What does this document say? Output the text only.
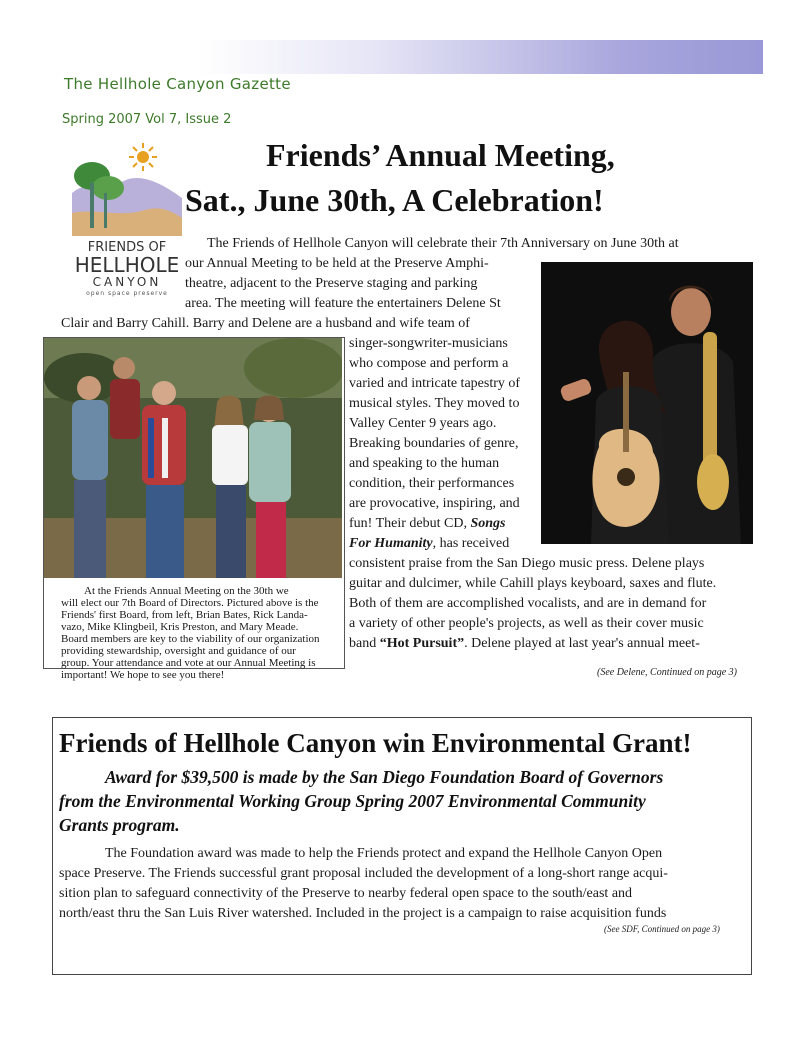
The Hellhole Canyon Gazette
Spring 2007 Vol 7, Issue 2
FRIENDS OF
HELLHOLE
CANYON
open space preserve
Friends’ Annual Meeting,
Sat., June 30th, A Celebration!
The Friends of Hellhole Canyon will celebrate their 7th Anniversary on June 30th at
our Annual Meeting to be held at the Preserve Amphi-
theatre, adjacent to the Preserve staging and parking
area. The meeting will feature the entertainers Delene St
Clair and Barry Cahill. Barry and Delene are a husband and wife team of
singer-songwriter-musicians
who compose and perform a
varied and intricate tapestry of
musical styles. They moved to
Valley Center 9 years ago.
Breaking boundaries of genre,
and speaking to the human
condition, their performances
are provocative, inspiring, and
fun! Their debut CD, Songs
For Humanity, has received
consistent praise from the San Diego music press. Delene plays
guitar and dulcimer, while Cahill plays keyboard, saxes and flute.
Both of them are accomplished vocalists, and are in demand for
a variety of other people's projects, as well as their cover music
band “Hot Pursuit”. Delene played at last year's annual meet-
(See Delene, Continued on page 3)
At the Friends Annual Meeting on the 30th we
will elect our 7th Board of Directors. Pictured above is the
Friends' first Board, from left, Brian Bates, Rick Landa-
vazo, Mike Klingbeil, Kris Preston, and Mary Meade.
Board members are key to the viability of our organization
providing stewardship, oversight and guidance of our
group. Your attendance and vote at our Annual Meeting is
important! We hope to see you there!
Friends of Hellhole Canyon win Environmental Grant!
Award for $39,500 is made by the San Diego Foundation Board of Governors
from the Environmental Working Group Spring 2007 Environmental Community
Grants program.
The Foundation award was made to help the Friends protect and expand the Hellhole Canyon Open
space Preserve. The Friends successful grant proposal included the development of a long-short range acqui-
sition plan to safeguard connectivity of the Preserve to nearby federal open space to the south/east and
north/east thru the San Luis River watershed. Included in the project is a campaign to raise acquisition funds
(See SDF, Continued on page 3)
